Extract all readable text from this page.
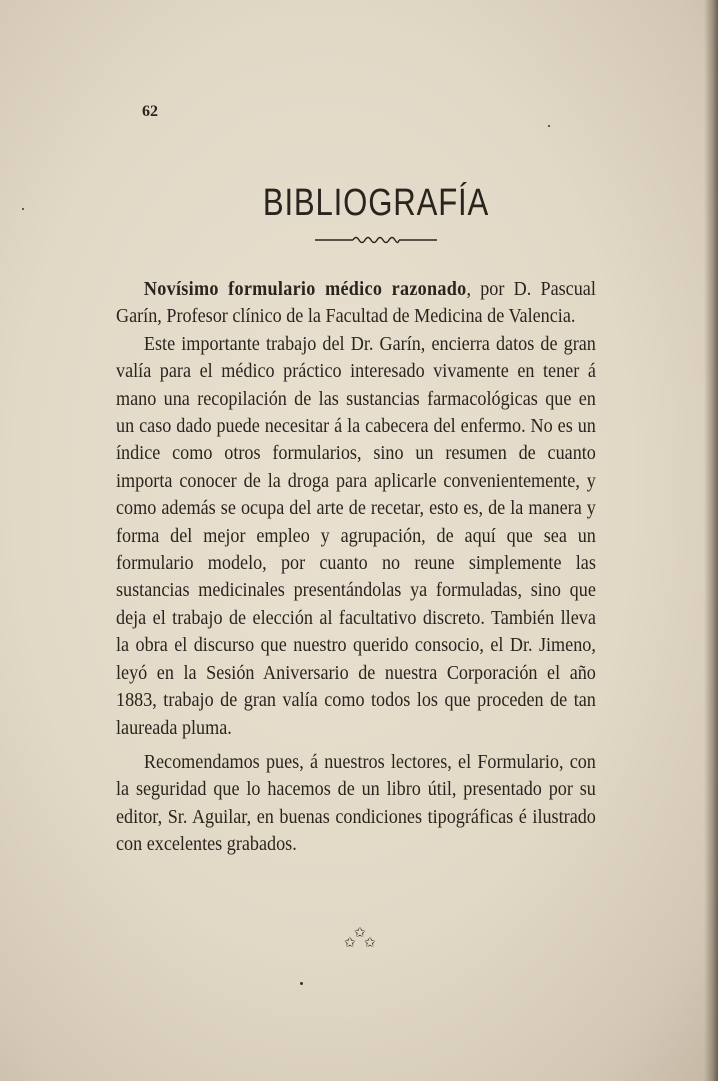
62
BIBLIOGRAFÍA

Novísimo formulario médico razonado, por D. Pascual Garín, Profesor clínico de la Facultad de Medicina de Valencia.

Este importante trabajo del Dr. Garín, encierra datos de gran valía para el médico práctico interesado vivamente en tener á mano una recopilación de las sustancias farmacológicas que en un caso dado puede necesitar á la cabecera del enfermo. No es un índice como otros formularios, sino un resumen de cuanto importa conocer de la droga para aplicarle convenientemente, y como además se ocupa del arte de recetar, esto es, de la manera y forma del mejor empleo y agrupación, de aquí que sea un formulario modelo, por cuanto no reune simplemente las sustancias medicinales presentándolas ya formuladas, sino que deja el trabajo de elección al facultativo discreto. También lleva la obra el discurso que nuestro querido consocio, el Dr. Jimeno, leyó en la Sesión Aniversario de nuestra Corporación el año 1883, trabajo de gran valía como todos los que proceden de tan laureada pluma.

Recomendamos pues, á nuestros lectores, el Formulario, con la seguridad que lo hacemos de un libro útil, presentado por su editor, Sr. Aguilar, en buenas condiciones tipográficas é ilustrado con excelentes grabados.

✩
✩ ✩
